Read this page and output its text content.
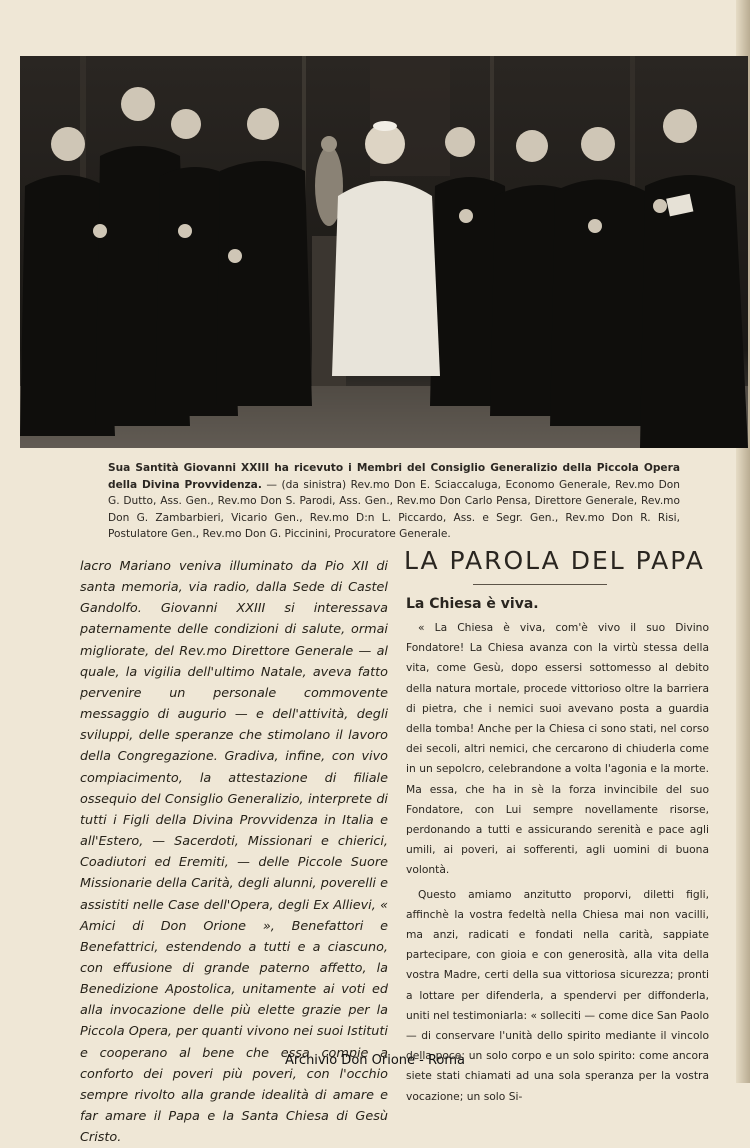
Sua Santità Giovanni XXIII ha ricevuto i Membri del Consiglio Generalizio della Piccola Opera della Divina Provvidenza. — (da sinistra) Rev.mo Don E. Sciaccaluga, Economo Generale, Rev.mo Don G. Dutto, Ass. Gen., Rev.mo Don S. Parodi, Ass. Gen., Rev.mo Don Carlo Pensa, Direttore Generale, Rev.mo Don G. Zambarbieri, Vicario Gen., Rev.mo D:n L. Piccardo, Ass. e Segr. Gen., Rev.mo Don R. Risi, Postulatore Gen., Rev.mo Don G. Piccinini, Procuratore Generale.

lacro Mariano veniva illuminato da Pio XII di santa memoria, via radio, dalla Sede di Castel Gandolfo. Giovanni XXIII si interessava paternamente delle condizioni di salute, ormai migliorate, del Rev.mo Direttore Generale — al quale, la vigilia dell'ultimo Natale, aveva fatto pervenire un personale commovente messaggio di augurio — e dell'attività, degli sviluppi, delle speranze che stimolano il lavoro della Congregazione. Gradiva, infine, con vivo compiacimento, la attestazione di filiale ossequio del Consiglio Generalizio, interprete di tutti i Figli della Divina Provvidenza in Italia e all'Estero, — Sacerdoti, Missionari e chierici, Coadiutori ed Eremiti, — delle Piccole Suore Missionarie della Carità, degli alunni, poverelli e assistiti nelle Case dell'Opera, degli Ex Allievi, « Amici di Don Orione », Benefattori e Benefattrici, estendendo a tutti e a ciascuno, con effusione di grande paterno affetto, la Benedizione Apostolica, unitamente ai voti ed alla invocazione delle più elette grazie per la Piccola Opera, per quanti vivono nei suoi Istituti e cooperano al bene che essa compie a conforto dei poveri più poveri, con l'occhio sempre rivolto alla grande idealità di amare e far amare il Papa e la Santa Chiesa di Gesù Cristo.

LA PAROLA DEL PAPA
La Chiesa è viva.

« La Chiesa è viva, com'è vivo il suo Divino Fondatore! La Chiesa avanza con la virtù stessa della vita, come Gesù, dopo essersi sottomesso al debito della natura mortale, procede vittorioso oltre la barriera di pietra, che i nemici suoi avevano posta a guardia della tomba! Anche per la Chiesa ci sono stati, nel corso dei secoli, altri nemici, che cercarono di chiuderla come in un sepolcro, celebrandone a volta l'agonia e la morte. Ma essa, che ha in sè la forza invincibile del suo Fondatore, con Lui sempre novellamente risorse, perdonando a tutti e assicurando serenità e pace agli umili, ai poveri, ai sofferenti, agli uomini di buona volontà.

Questo amiamo anzitutto proporvi, diletti figli, affinchè la vostra fedeltà nella Chiesa mai non vacilli, ma anzi, radicati e fondati nella carità, sappiate partecipare, con gioia e con generosità, alla vita della vostra Madre, certi della sua vittoriosa sicurezza; pronti a lottare per difenderla, a spendervi per diffonderla, uniti nel testimoniarla: « solleciti — come dice San Paolo — di conservare l'unità dello spirito mediante il vincolo della poce; un solo corpo e un solo spirito: come ancora siete stati chiamati ad una sola speranza per la vostra vocazione; un solo Si-

Archivio Don Orione - Roma
